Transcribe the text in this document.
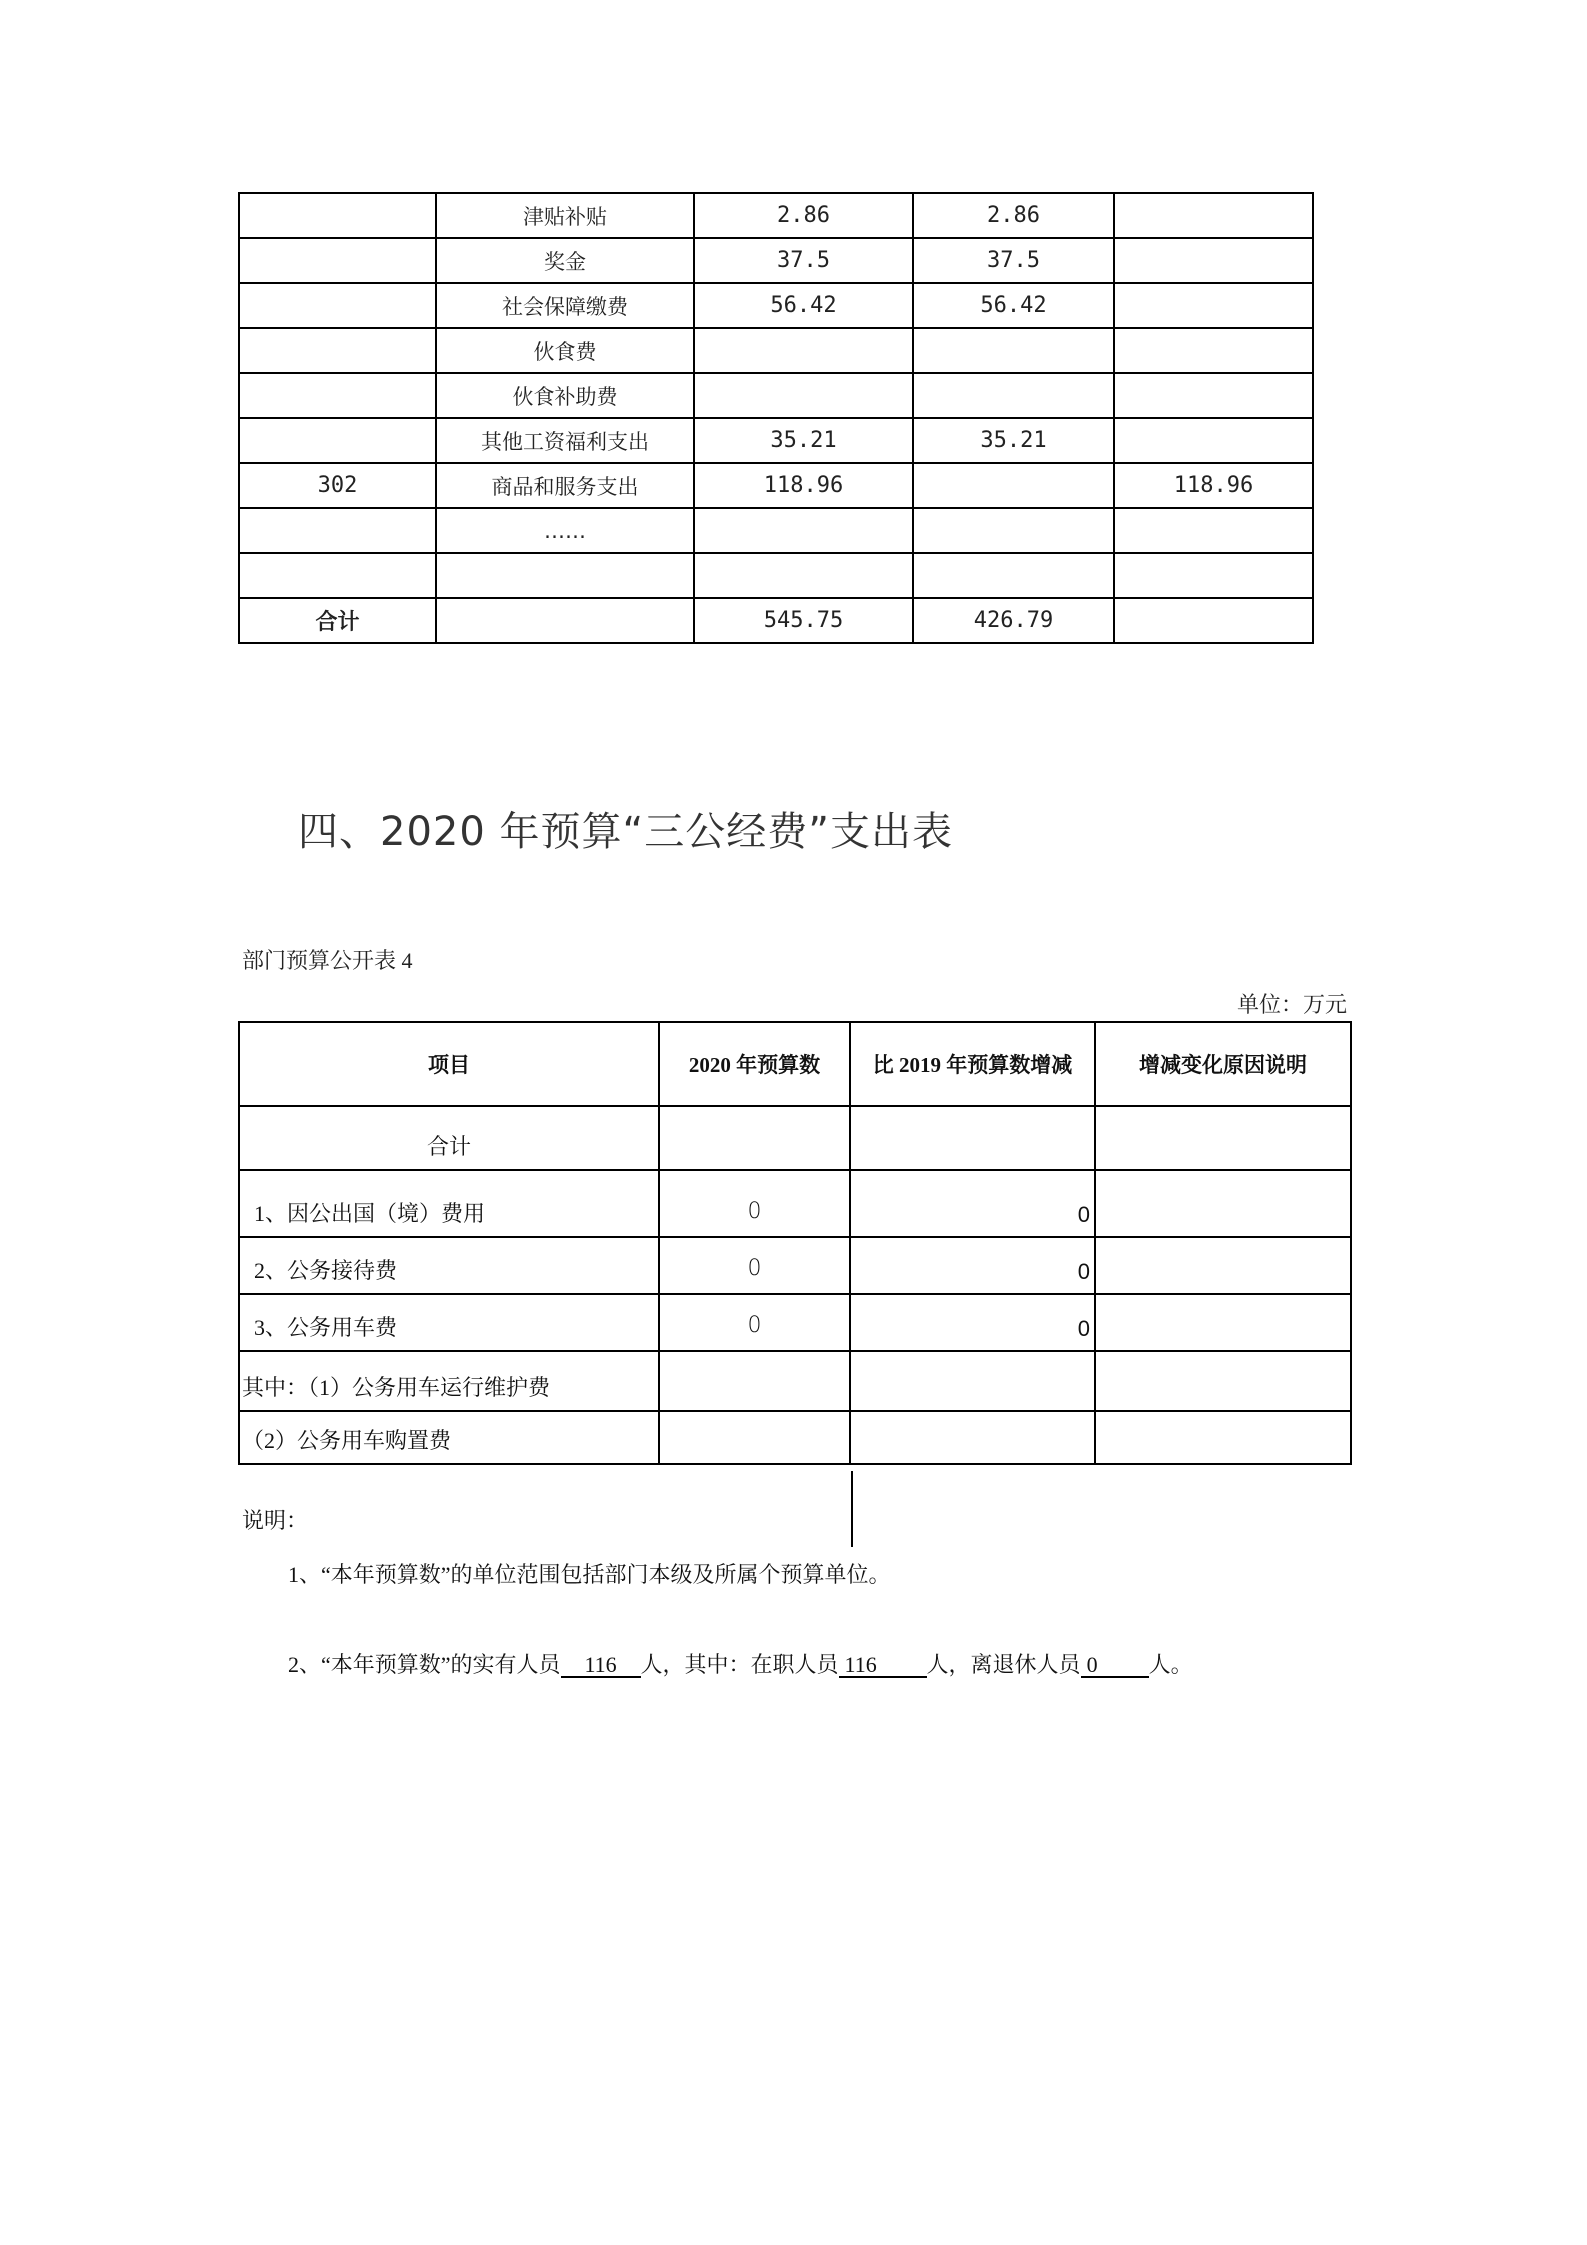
	津贴补贴	2.86	2.86	
	奖金	37.5	37.5	
	社会保障缴费	56.42	56.42	
	伙食费			
	伙食补助费			
	其他工资福利支出	35.21	35.21	
302	商品和服务支出	118.96		118.96
	……			

合计		545.75	426.79	
四、2020 年预算“三公经费”支出表
部门预算公开表 4
单位：万元
项目	2020 年预算数	比 2019 年预算数增减	增减变化原因说明
合计			
1、因公出国（境）费用	0	0	
2、公务接待费	0	0	
3、公务用车费	0	0	
其中：（1）公务用车运行维护费			
（2）公务用车购置费			
说明：
1、“本年预算数”的单位范围包括部门本级及所属个预算单位。
2、“本年预算数”的实有人员 116 人，其中：在职人员 116 人，离退休人员 0 人。
